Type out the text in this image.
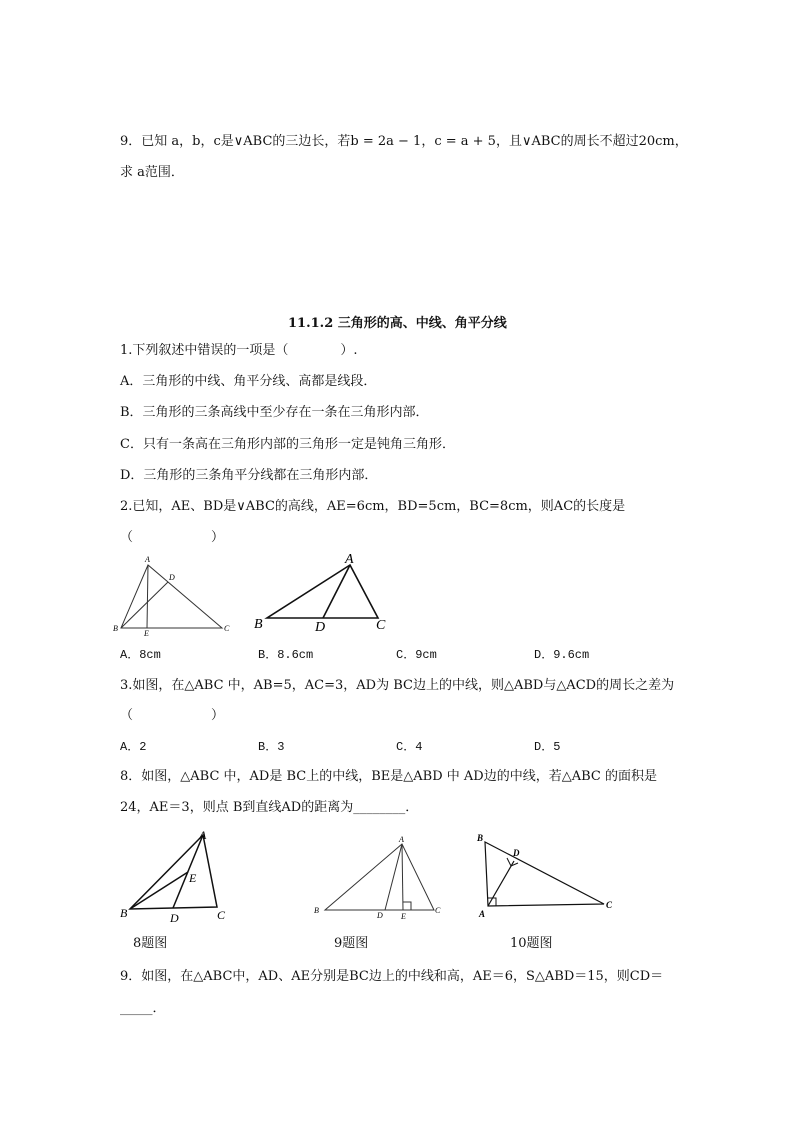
9．已知 a，b，c是∨ABC的三边长，若b = 2a − 1，c = a + 5，且∨ABC的周长不超过20cm，
求 a范围．
11.1.2 三角形的高、中线、角平分线
1.下列叙述中错误的一项是（　　　　）.
A．三角形的中线、角平分线、高都是线段．
B．三角形的三条高线中至少存在一条在三角形内部．
C．只有一条高在三角形内部的三角形一定是钝角三角形．
D．三角形的三条角平分线都在三角形内部．
2.已知，AE、BD是∨ABC的高线，AE=6cm，BD=5cm，BC=8cm，则AC的长度是
（　　　　　　）
A
D
B
E
C
A
B	D	C
A．8cm	B．8.6cm	C．9cm	D．9.6cm
3.如图，在△ABC 中，AB=5，AC=3，AD为 BC边上的中线，则△ABD与△ACD的周长之差为
（　　　　　　）
A．2	B．3	C．4	D．5
8．如图，△ABC 中，AD是 BC上的中线，BE是△ABD 中 AD边的中线，若△ABC 的面积是
24，AE＝3，则点 B到直线AD的距离为________．
A
E
B	D	C
A
B
D E
C
B
D
A
C
8题图	9题图	10题图
9．如图，在△ABC中，AD、AE分别是BC边上的中线和高，AE＝6，S△ABD＝15，则CD＝
_____．
